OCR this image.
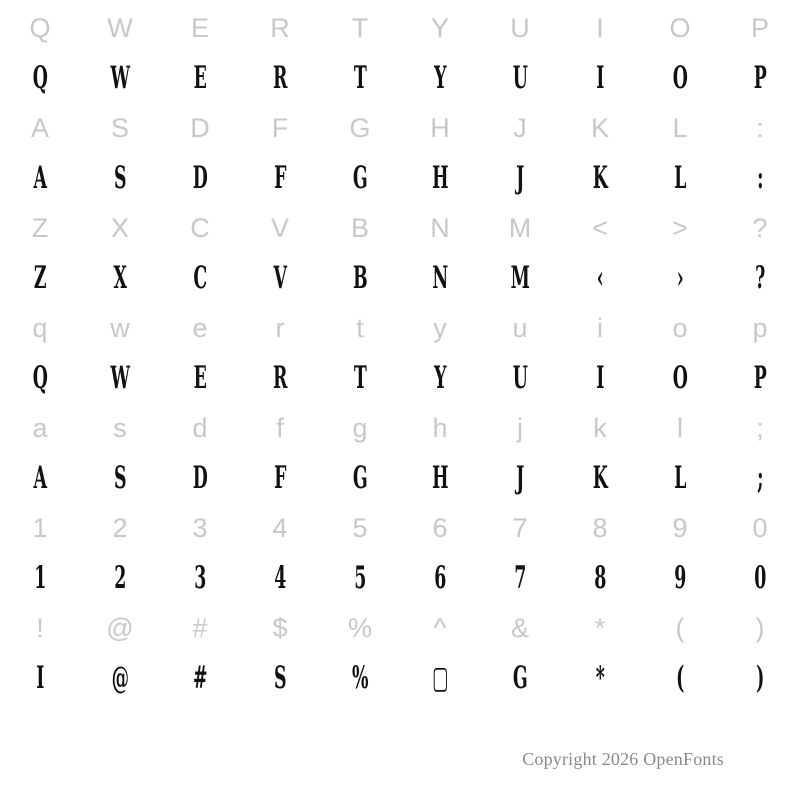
Q	W	E	R	T	Y	U	I	O	P
Q	W	E	R	T	Y	U	I	O	P
A	S	D	F	G	H	J	K	L	:
A	S	D	F	G	H	J	K	L	:
Z	X	C	V	B	N	M	<	>	?
Z	X	C	V	B	N	M	‹	›	?
q	w	e	r	t	y	u	i	o	p
Q	W	E	R	T	Y	U	I	O	P
a	s	d	f	g	h	j	k	l	;
A	S	D	F	G	H	J	K	L	;
1	2	3	4	5	6	7	8	9	0
1	2	3	4	5	6	7	8	9	0
!	@	#	$	%	^	&	*	(	)
I	@	#	S	%	▢	G	*	(	)
Copyright 2026 OpenFonts
